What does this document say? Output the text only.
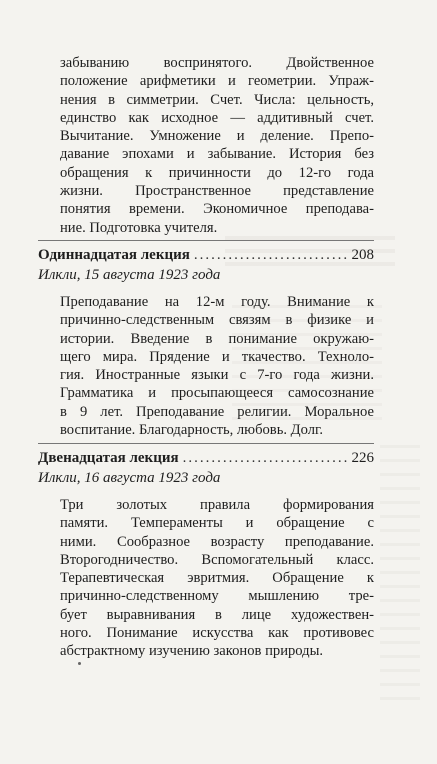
забыванию воспринятого. Двойственное
положение арифметики и геометрии. Упраж-
нения в симметрии. Счет. Числа: цельность,
единство как исходное — аддитивный счет.
Вычитание. Умножение и деление. Препо-
давание эпохами и забывание. История без
обращения к причинности до 12-го года
жизни. Пространственное представление
понятия времени. Экономичное преподава-
ние. Подготовка учителя.

Одиннадцатая лекция .....	208

Илкли, 15 августа 1923 года

Преподавание на 12-м году. Внимание к
причинно-следственным связям в физике и
истории. Введение в понимание окружаю-
щего мира. Прядение и ткачество. Техноло-
гия. Иностранные языки с 7-го года жизни.
Грамматика и просыпающееся самосознание
в 9 лет. Преподавание религии. Моральное
воспитание. Благодарность, любовь. Долг.

Двенадцатая лекция .....	226

Илкли, 16 августа 1923 года

Три золотых правила формирования
памяти. Темпераменты и обращение с
ними. Сообразное возрасту преподавание.
Второгодничество. Вспомогательный класс.
Терапевтическая эвритмия. Обращение к
причинно-следственному мышлению тре-
бует выравнивания в лице художествен-
ного. Понимание искусства как противовес
абстрактному изучению законов природы.
